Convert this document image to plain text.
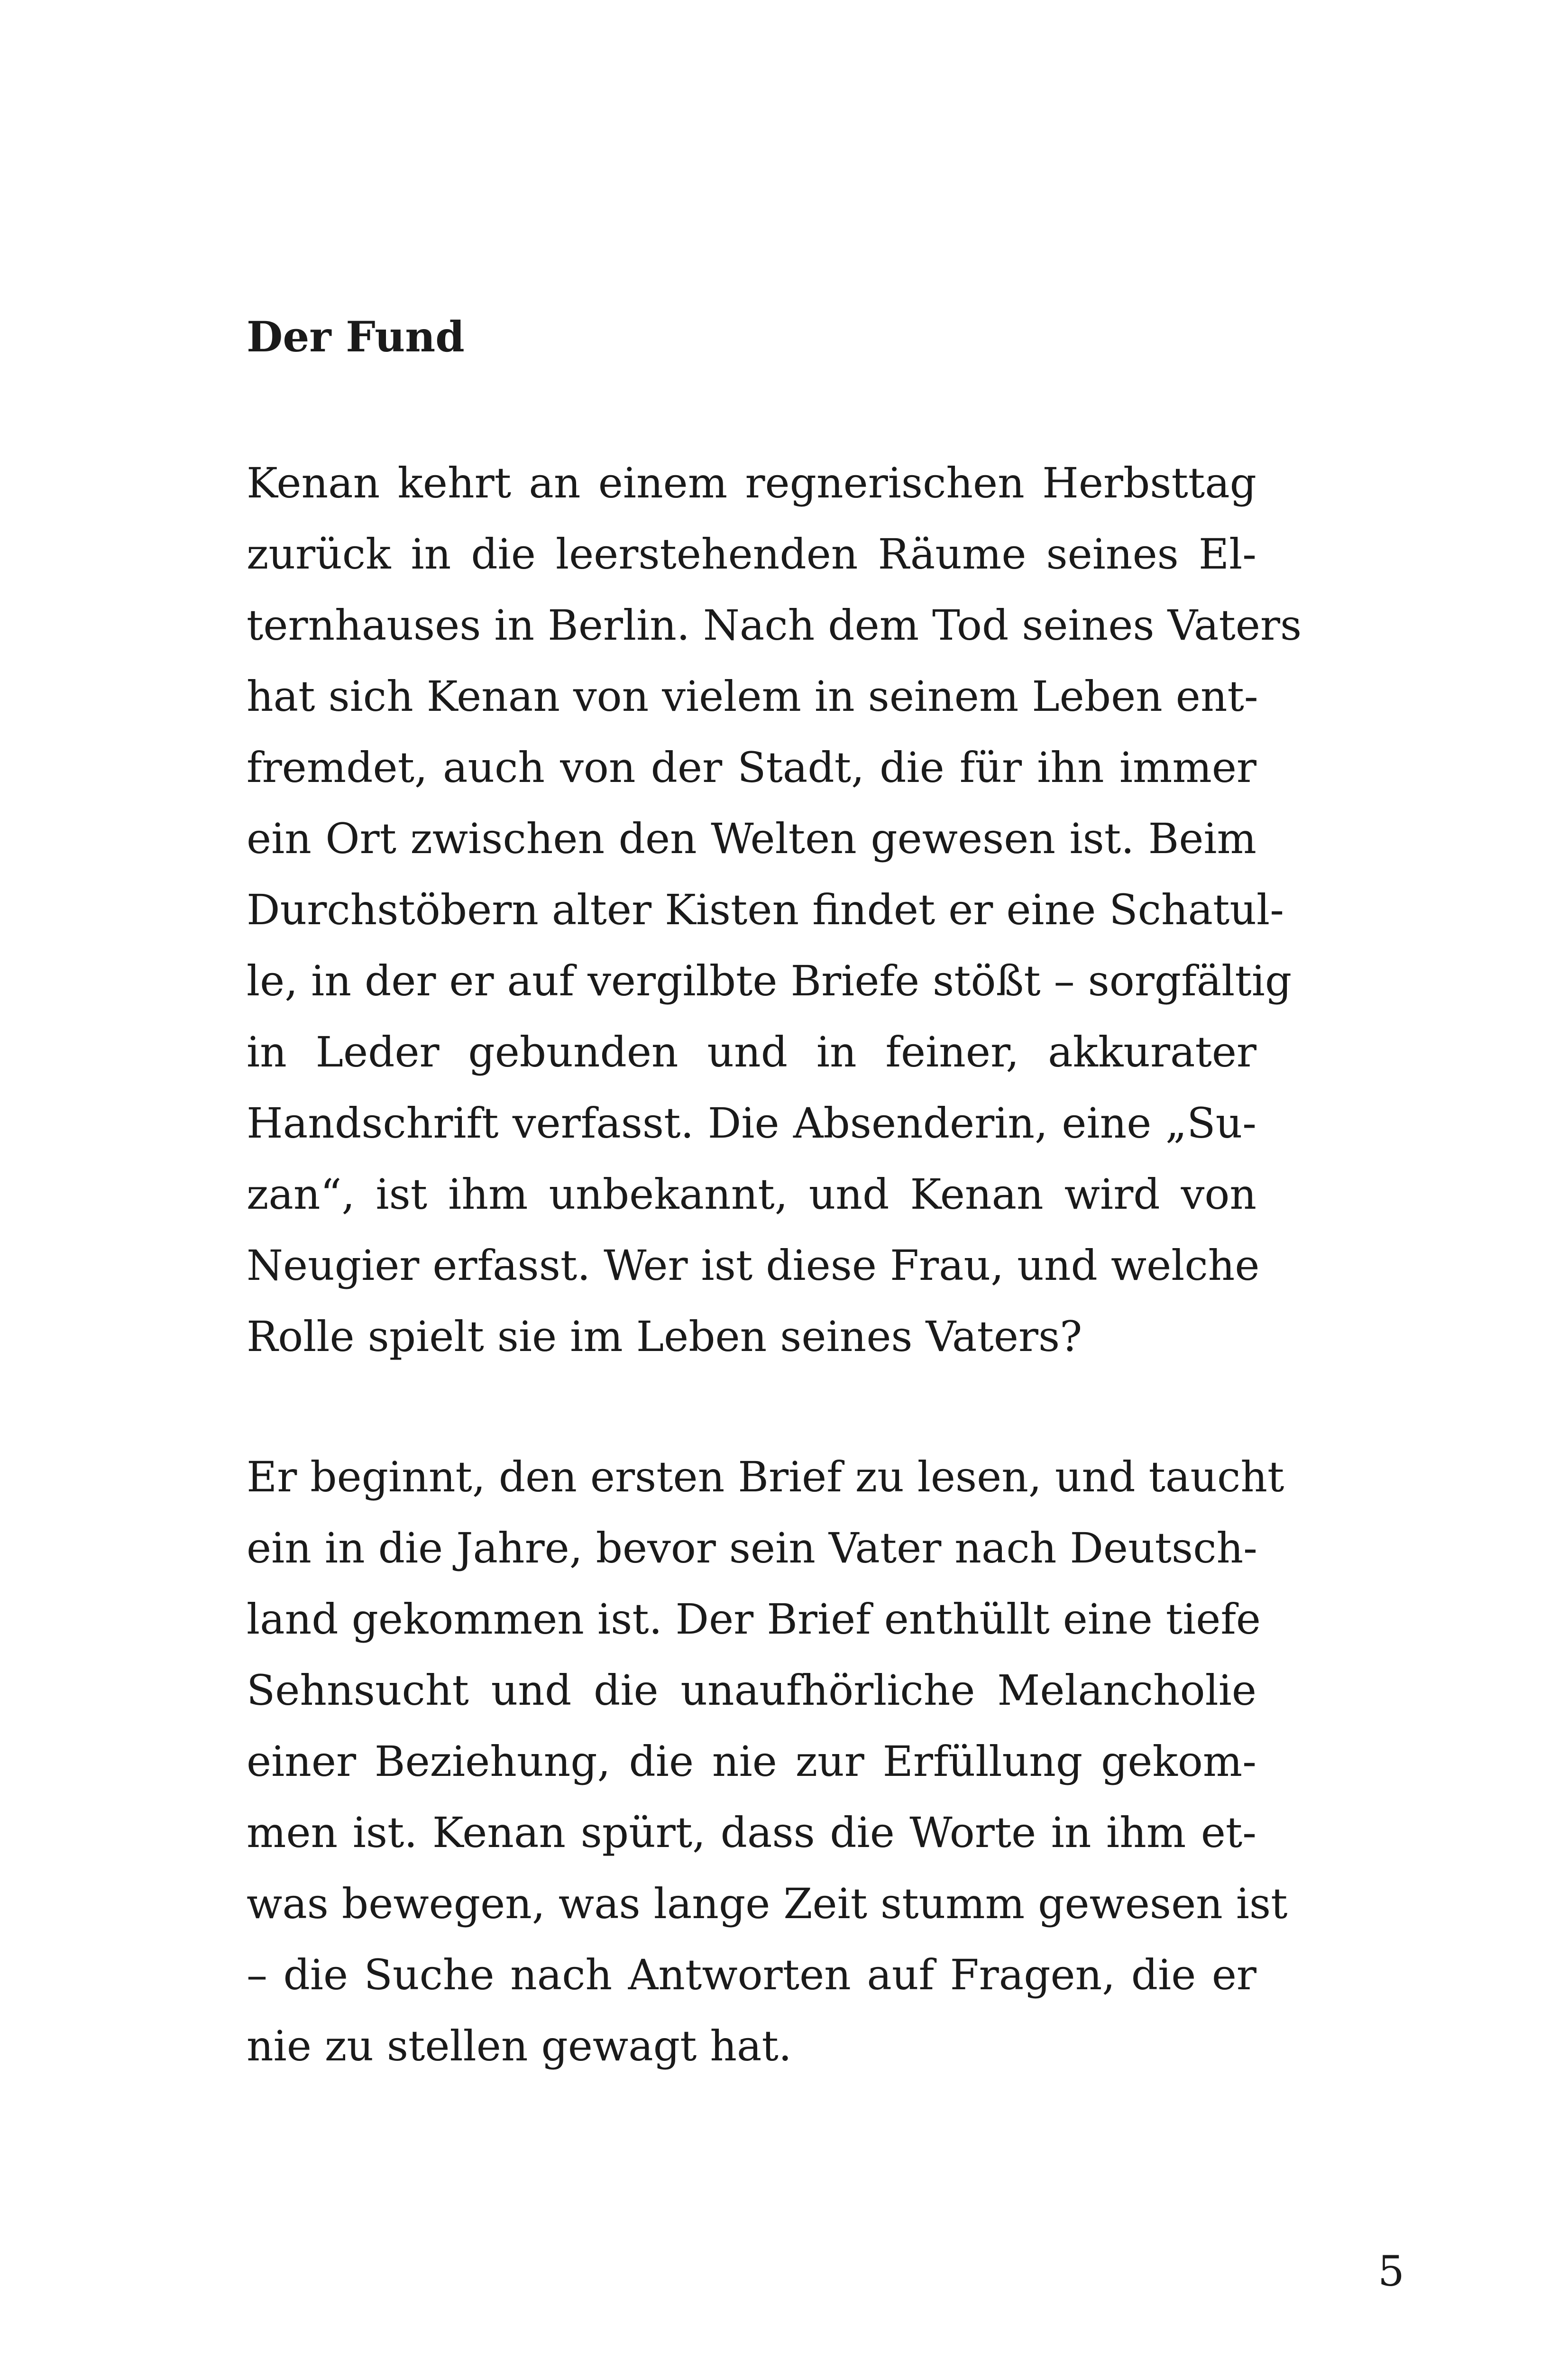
Der Fund
Kenan kehrt an einem regnerischen Herbsttag
zurück in die leerstehenden Räume seines El-
ternhauses in Berlin. Nach dem Tod seines Vaters
hat sich Kenan von vielem in seinem Leben ent-
fremdet, auch von der Stadt, die für ihn immer
ein Ort zwischen den Welten gewesen ist. Beim
Durchstöbern alter Kisten findet er eine Schatul-
le, in der er auf vergilbte Briefe stößt – sorgfältig
in Leder gebunden und in feiner, akkurater
Handschrift verfasst. Die Absenderin, eine „Su-
zan“, ist ihm unbekannt, und Kenan wird von
Neugier erfasst. Wer ist diese Frau, und welche
Rolle spielt sie im Leben seines Vaters?
Er beginnt, den ersten Brief zu lesen, und taucht
ein in die Jahre, bevor sein Vater nach Deutsch-
land gekommen ist. Der Brief enthüllt eine tiefe
Sehnsucht und die unaufhörliche Melancholie
einer Beziehung, die nie zur Erfüllung gekom-
men ist. Kenan spürt, dass die Worte in ihm et-
was bewegen, was lange Zeit stumm gewesen ist
– die Suche nach Antworten auf Fragen, die er
nie zu stellen gewagt hat.
5
